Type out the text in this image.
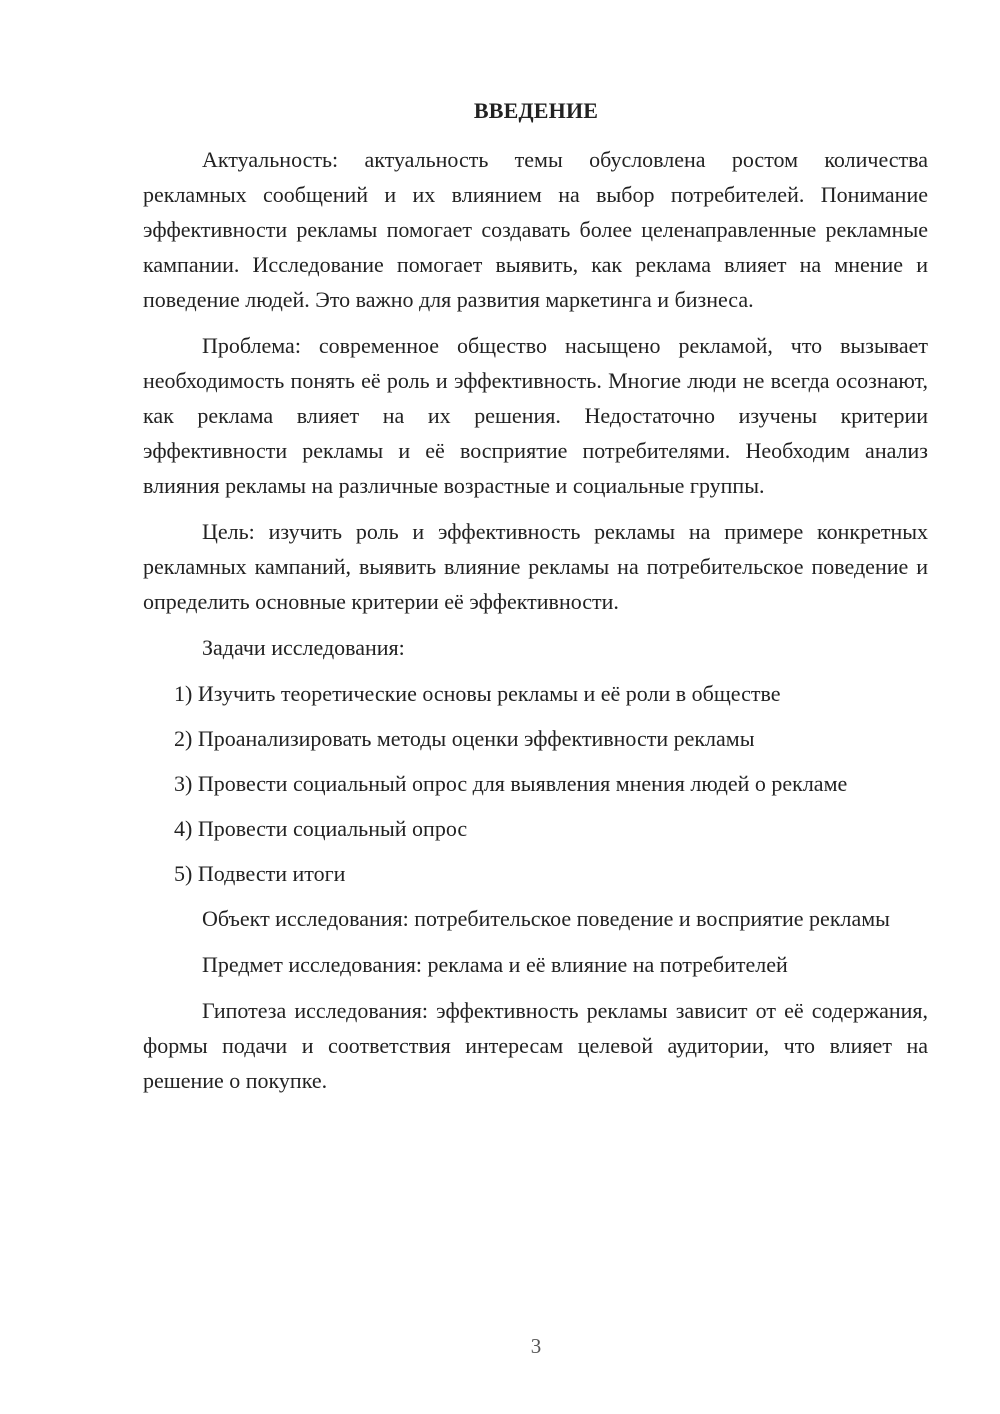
ВВЕДЕНИЕ

Актуальность: актуальность темы обусловлена ростом количества рекламных сообщений и их влиянием на выбор потребителей. Понимание эффективности рекламы помогает создавать более целенаправленные рекламные кампании. Исследование помогает выявить, как реклама влияет на мнение и поведение людей. Это важно для развития маркетинга и бизнеса.

Проблема: современное общество насыщено рекламой, что вызывает необходимость понять её роль и эффективность. Многие люди не всегда осознают, как реклама влияет на их решения. Недостаточно изучены критерии эффективности рекламы и её восприятие потребителями. Необходим анализ влияния рекламы на различные возрастные и социальные группы.

Цель: изучить роль и эффективность рекламы на примере конкретных рекламных кампаний, выявить влияние рекламы на потребительское поведение и определить основные критерии её эффективности.

Задачи исследования:

1) Изучить теоретические основы рекламы и её роли в обществе

2) Проанализировать методы оценки эффективности рекламы

3) Провести социальный опрос для выявления мнения людей о рекламе

4) Провести социальный опрос

5) Подвести итоги

Объект исследования: потребительское поведение и восприятие рекламы

Предмет исследования: реклама и её влияние на потребителей

Гипотеза исследования: эффективность рекламы зависит от её содержания, формы подачи и соответствия интересам целевой аудитории, что влияет на решение о покупке.

3
